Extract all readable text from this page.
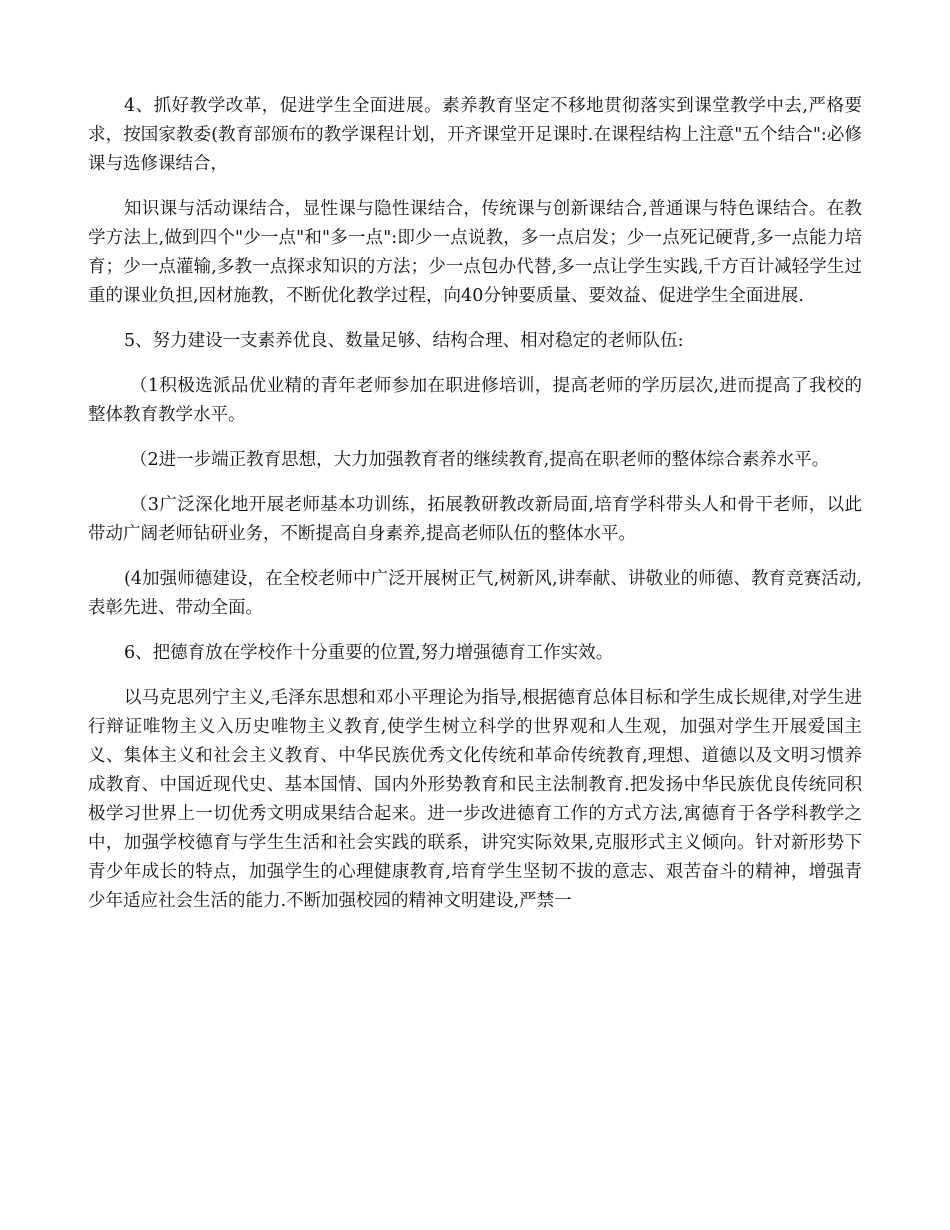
4、抓好教学改革，促进学生全面进展。素养教育坚定不移地贯彻落实到课堂教学中去,严格要求，按国家教委(教育部颁布的教学课程计划，开齐课堂开足课时.在课程结构上注意"五个结合":必修课与选修课结合，

知识课与活动课结合，显性课与隐性课结合，传统课与创新课结合,普通课与特色课结合。在教学方法上,做到四个"少一点"和"多一点":即少一点说教，多一点启发；少一点死记硬背,多一点能力培育；少一点灌输,多教一点探求知识的方法；少一点包办代替,多一点让学生实践,千方百计减轻学生过重的课业负担,因材施教，不断优化教学过程，向40分钟要质量、要效益、促进学生全面进展.

5、努力建设一支素养优良、数量足够、结构合理、相对稳定的老师队伍:

（1积极选派品优业精的青年老师参加在职进修培训，提高老师的学历层次,进而提高了我校的整体教育教学水平。

（2进一步端正教育思想，大力加强教育者的继续教育,提高在职老师的整体综合素养水平。

（3广泛深化地开展老师基本功训练，拓展教研教改新局面,培育学科带头人和骨干老师，以此带动广阔老师钻研业务，不断提高自身素养,提高老师队伍的整体水平。

(4加强师德建设，在全校老师中广泛开展树正气,树新风,讲奉献、讲敬业的师德、教育竞赛活动,表彰先进、带动全面。

6、把德育放在学校作十分重要的位置,努力增强德育工作实效。

以马克思列宁主义,毛泽东思想和邓小平理论为指导,根据德育总体目标和学生成长规律,对学生进行辩证唯物主义入历史唯物主义教育,使学生树立科学的世界观和人生观，加强对学生开展爱国主义、集体主义和社会主义教育、中华民族优秀文化传统和革命传统教育,理想、道德以及文明习惯养成教育、中国近现代史、基本国情、国内外形势教育和民主法制教育.把发扬中华民族优良传统同积极学习世界上一切优秀文明成果结合起来。进一步改进德育工作的方式方法,寓德育于各学科教学之中，加强学校德育与学生生活和社会实践的联系，讲究实际效果,克服形式主义倾向。针对新形势下青少年成长的特点，加强学生的心理健康教育,培育学生坚韧不拔的意志、艰苦奋斗的精神，增强青少年适应社会生活的能力.不断加强校园的精神文明建设,严禁一
